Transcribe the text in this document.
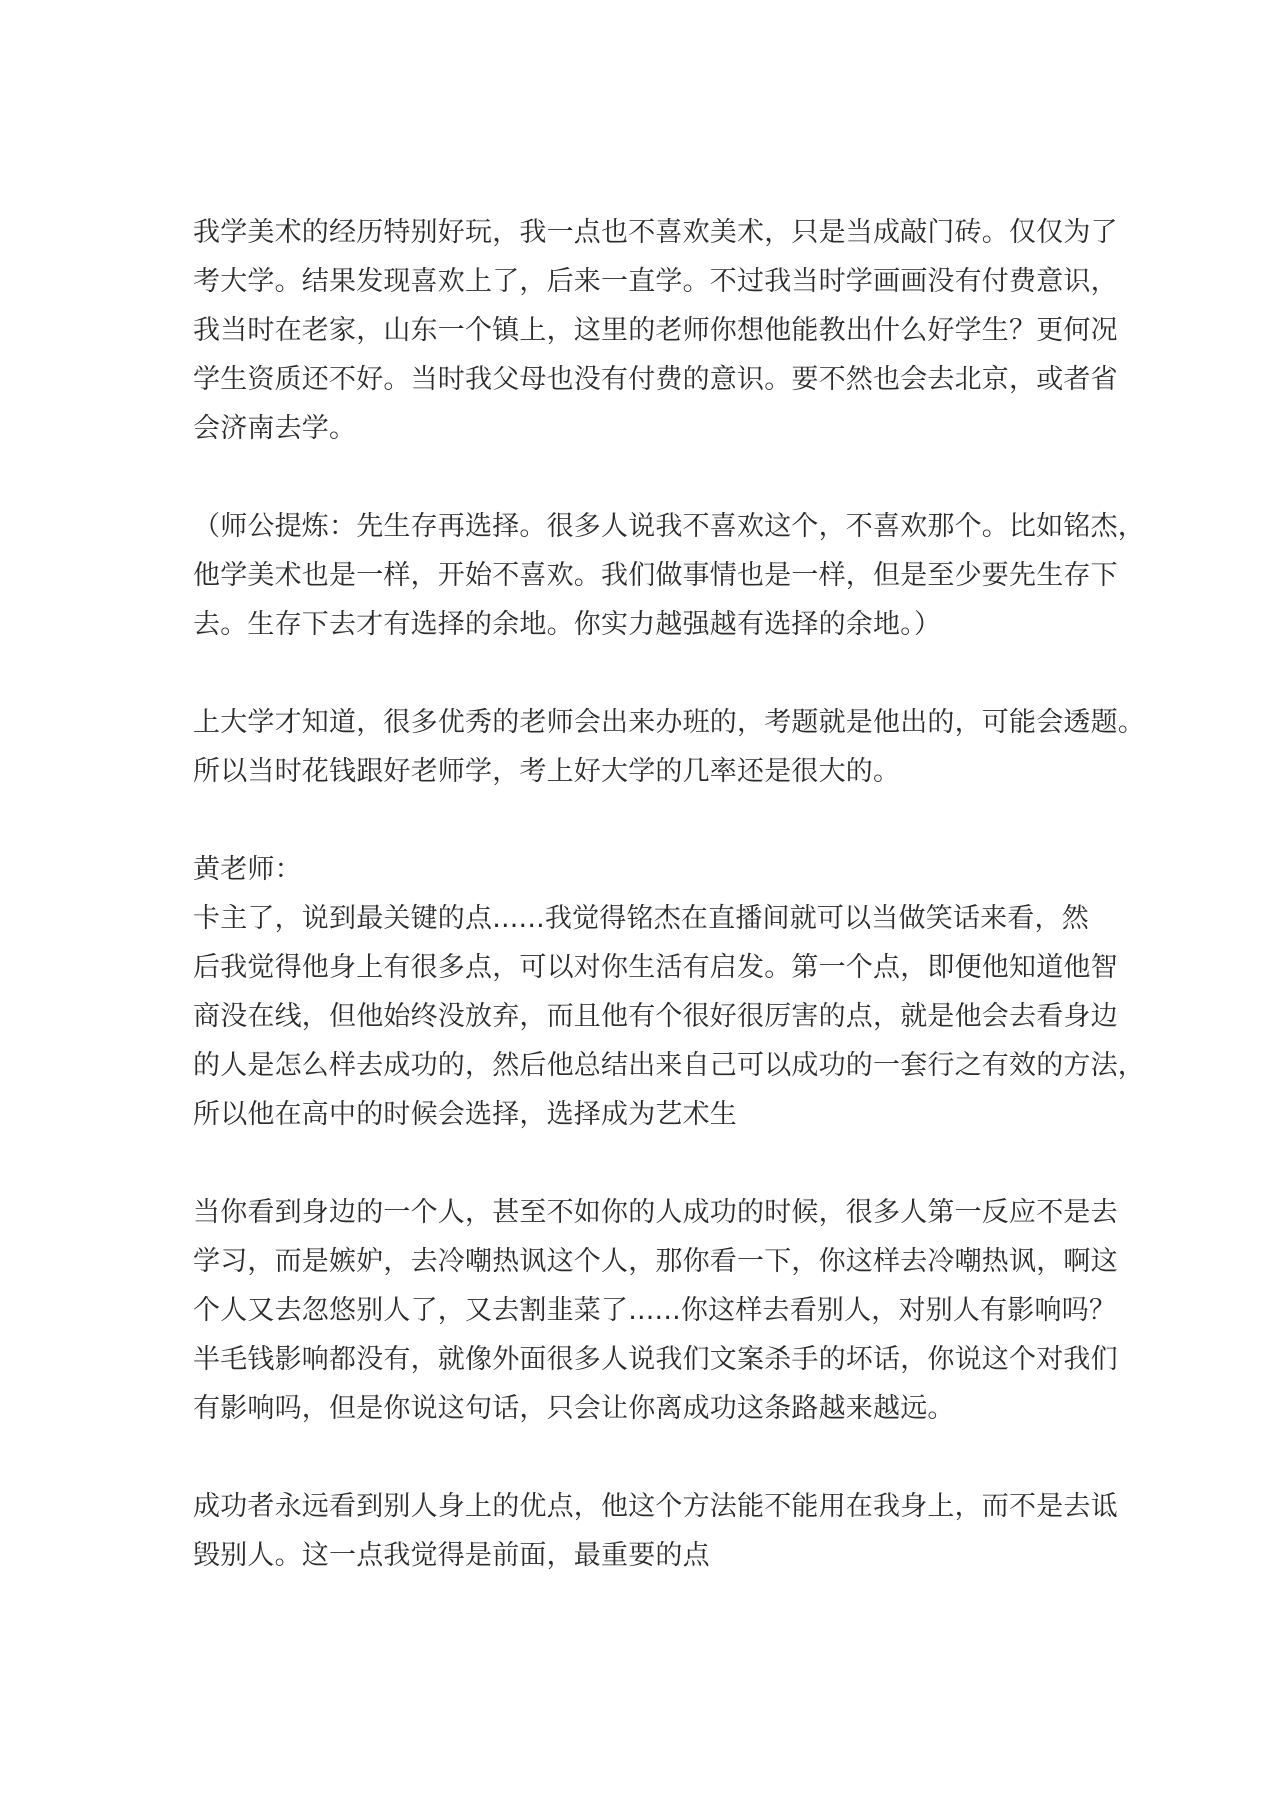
我学美术的经历特别好玩，我一点也不喜欢美术，只是当成敲门砖。仅仅为了
考大学。结果发现喜欢上了，后来一直学。不过我当时学画画没有付费意识，
我当时在老家，山东一个镇上，这里的老师你想他能教出什么好学生？更何况
学生资质还不好。当时我父母也没有付费的意识。要不然也会去北京，或者省
会济南去学。
（师公提炼：先生存再选择。很多人说我不喜欢这个，不喜欢那个。比如铭杰，
他学美术也是一样，开始不喜欢。我们做事情也是一样，但是至少要先生存下
去。生存下去才有选择的余地。你实力越强越有选择的余地。）
上大学才知道，很多优秀的老师会出来办班的，考题就是他出的，可能会透题。
所以当时花钱跟好老师学，考上好大学的几率还是很大的。
黄老师：
卡主了，说到最关键的点......我觉得铭杰在直播间就可以当做笑话来看，然
后我觉得他身上有很多点，可以对你生活有启发。第一个点，即便他知道他智
商没在线，但他始终没放弃，而且他有个很好很厉害的点，就是他会去看身边
的人是怎么样去成功的，然后他总结出来自己可以成功的一套行之有效的方法，
所以他在高中的时候会选择，选择成为艺术生
当你看到身边的一个人，甚至不如你的人成功的时候，很多人第一反应不是去
学习，而是嫉妒，去冷嘲热讽这个人，那你看一下，你这样去冷嘲热讽，啊这
个人又去忽悠别人了，又去割韭菜了......你这样去看别人，对别人有影响吗？
半毛钱影响都没有，就像外面很多人说我们文案杀手的坏话，你说这个对我们
有影响吗，但是你说这句话，只会让你离成功这条路越来越远。
成功者永远看到别人身上的优点，他这个方法能不能用在我身上，而不是去诋
毁别人。这一点我觉得是前面，最重要的点
